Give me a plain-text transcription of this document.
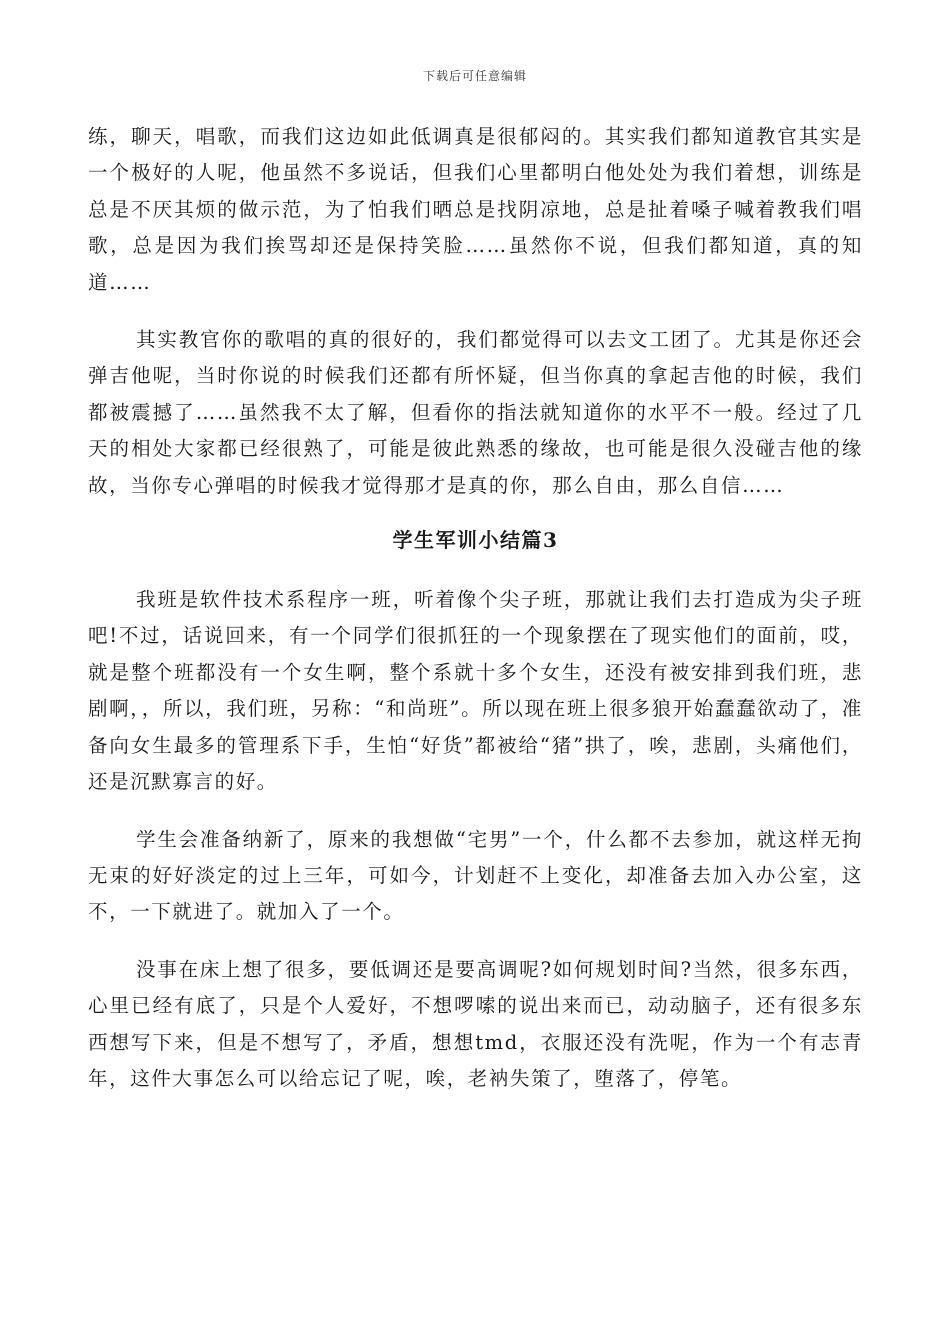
下载后可任意编辑

练，聊天，唱歌，而我们这边如此低调真是很郁闷的。其实我们都知道教官其实是一个极好的人呢，他虽然不多说话，但我们心里都明白他处处为我们着想，训练是总是不厌其烦的做示范，为了怕我们晒总是找阴凉地，总是扯着嗓子喊着教我们唱歌，总是因为我们挨骂却还是保持笑脸……虽然你不说，但我们都知道，真的知道……

其实教官你的歌唱的真的很好的，我们都觉得可以去文工团了。尤其是你还会弹吉他呢，当时你说的时候我们还都有所怀疑，但当你真的拿起吉他的时候，我们都被震撼了……虽然我不太了解，但看你的指法就知道你的水平不一般。经过了几天的相处大家都已经很熟了，可能是彼此熟悉的缘故，也可能是很久没碰吉他的缘故，当你专心弹唱的时候我才觉得那才是真的你，那么自由，那么自信……

学生军训小结篇3

我班是软件技术系程序一班，听着像个尖子班，那就让我们去打造成为尖子班吧!不过，话说回来，有一个同学们很抓狂的一个现象摆在了现实他们的面前，哎，就是整个班都没有一个女生啊，整个系就十多个女生，还没有被安排到我们班，悲剧啊，，所以，我们班，另称：“和尚班”。所以现在班上很多狼开始蠢蠢欲动了，准备向女生最多的管理系下手，生怕“好货”都被给“猪”拱了，唉，悲剧，头痛他们，还是沉默寡言的好。

学生会准备纳新了，原来的我想做“宅男”一个，什么都不去参加，就这样无拘无束的好好淡定的过上三年，可如今，计划赶不上变化，却准备去加入办公室，这不，一下就进了。就加入了一个。

没事在床上想了很多，要低调还是要高调呢?如何规划时间?当然，很多东西，心里已经有底了，只是个人爱好，不想啰嗦的说出来而已，动动脑子，还有很多东西想写下来，但是不想写了，矛盾，想想tmd，衣服还没有洗呢，作为一个有志青年，这件大事怎么可以给忘记了呢，唉，老衲失策了，堕落了，停笔。
